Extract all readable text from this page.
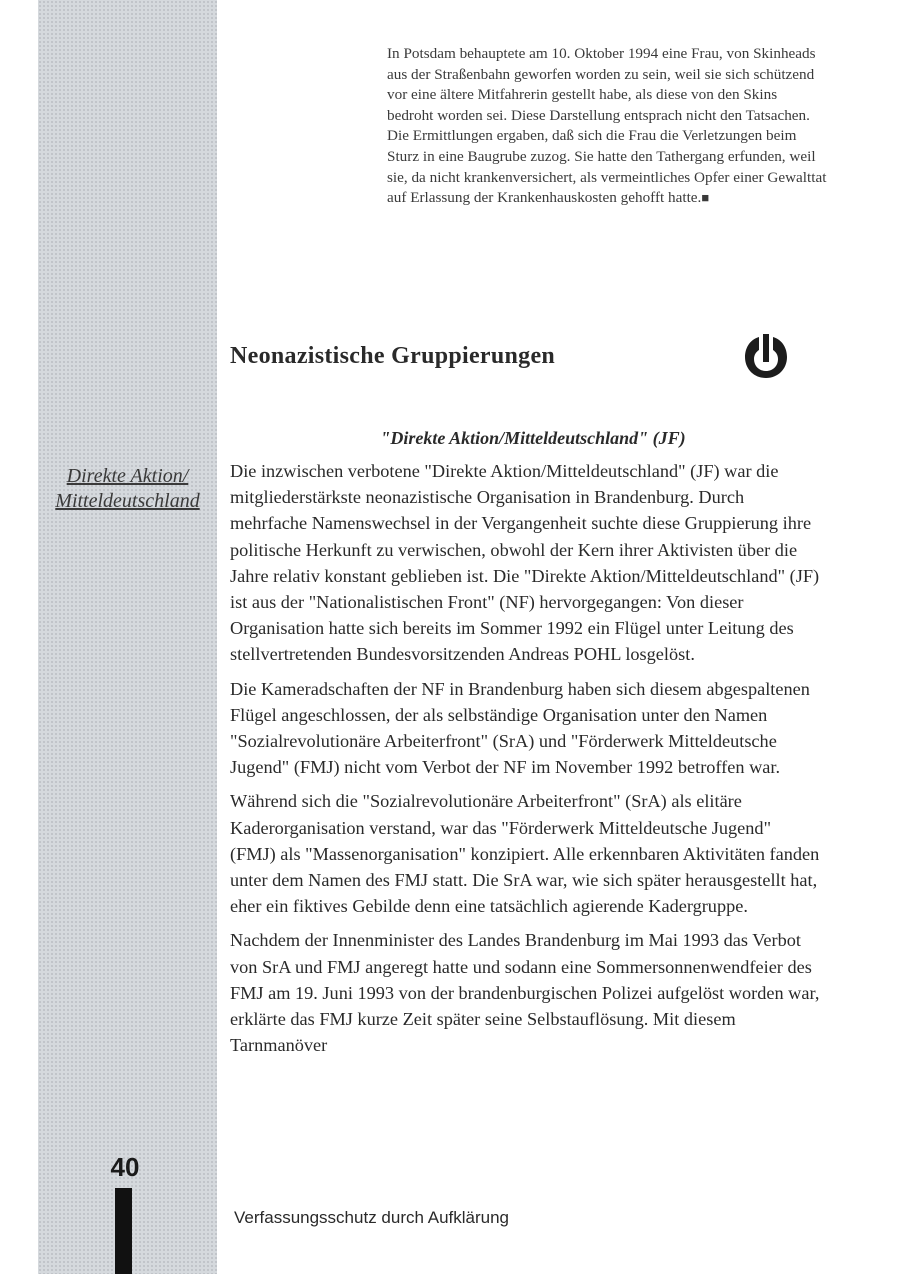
Direkte Aktion/
Mitteldeutschland
In Potsdam behauptete am 10. Oktober 1994 eine Frau, von Skinheads aus der Straßenbahn geworfen worden zu sein, weil sie sich schützend vor eine ältere Mitfahrerin gestellt habe, als diese von den Skins bedroht worden sei. Diese Darstellung entsprach nicht den Tatsachen. Die Ermittlungen ergaben, daß sich die Frau die Verletzungen beim Sturz in eine Baugrube zuzog. Sie hatte den Tathergang erfunden, weil sie, da nicht krankenversichert, als vermeintliches Opfer einer Gewalttat auf Erlassung der Krankenhauskosten gehofft hatte.■
Neonazistische Gruppierungen
"Direkte Aktion/Mitteldeutschland" (JF)

Die inzwischen verbotene "Direkte Aktion/Mitteldeutschland" (JF) war die mitgliederstärkste neonazistische Organisation in Brandenburg. Durch mehrfache Namenswechsel in der Vergangenheit suchte diese Gruppierung ihre politische Herkunft zu verwischen, obwohl der Kern ihrer Aktivisten über die Jahre relativ konstant geblieben ist. Die "Direkte Aktion/Mitteldeutschland" (JF) ist aus der "Nationalistischen Front" (NF) hervorgegangen: Von dieser Organisation hatte sich bereits im Sommer 1992 ein Flügel unter Leitung des stellvertretenden Bundesvorsitzenden Andreas POHL losgelöst.

Die Kameradschaften der NF in Brandenburg haben sich diesem abgespaltenen Flügel angeschlossen, der als selbständige Organisation unter den Namen "Sozialrevolutionäre Arbeiterfront" (SrA) und "Förderwerk Mitteldeutsche Jugend" (FMJ) nicht vom Verbot der NF im November 1992 betroffen war.

Während sich die "Sozialrevolutionäre Arbeiterfront" (SrA) als elitäre Kaderorganisation verstand, war das "Förderwerk Mitteldeutsche Jugend" (FMJ) als "Massenorganisation" konzipiert. Alle erkennbaren Aktivitäten fanden unter dem Namen des FMJ statt. Die SrA war, wie sich später herausgestellt hat, eher ein fiktives Gebilde denn eine tatsächlich agierende Kadergruppe.

Nachdem der Innenminister des Landes Brandenburg im Mai 1993 das Verbot von SrA und FMJ angeregt hatte und sodann eine Sommersonnenwendfeier des FMJ am 19. Juni 1993 von der brandenburgischen Polizei aufgelöst worden war, erklärte das FMJ kurze Zeit später seine Selbstauflösung. Mit diesem Tarnmanöver

40
Verfassungsschutz durch Aufklärung
